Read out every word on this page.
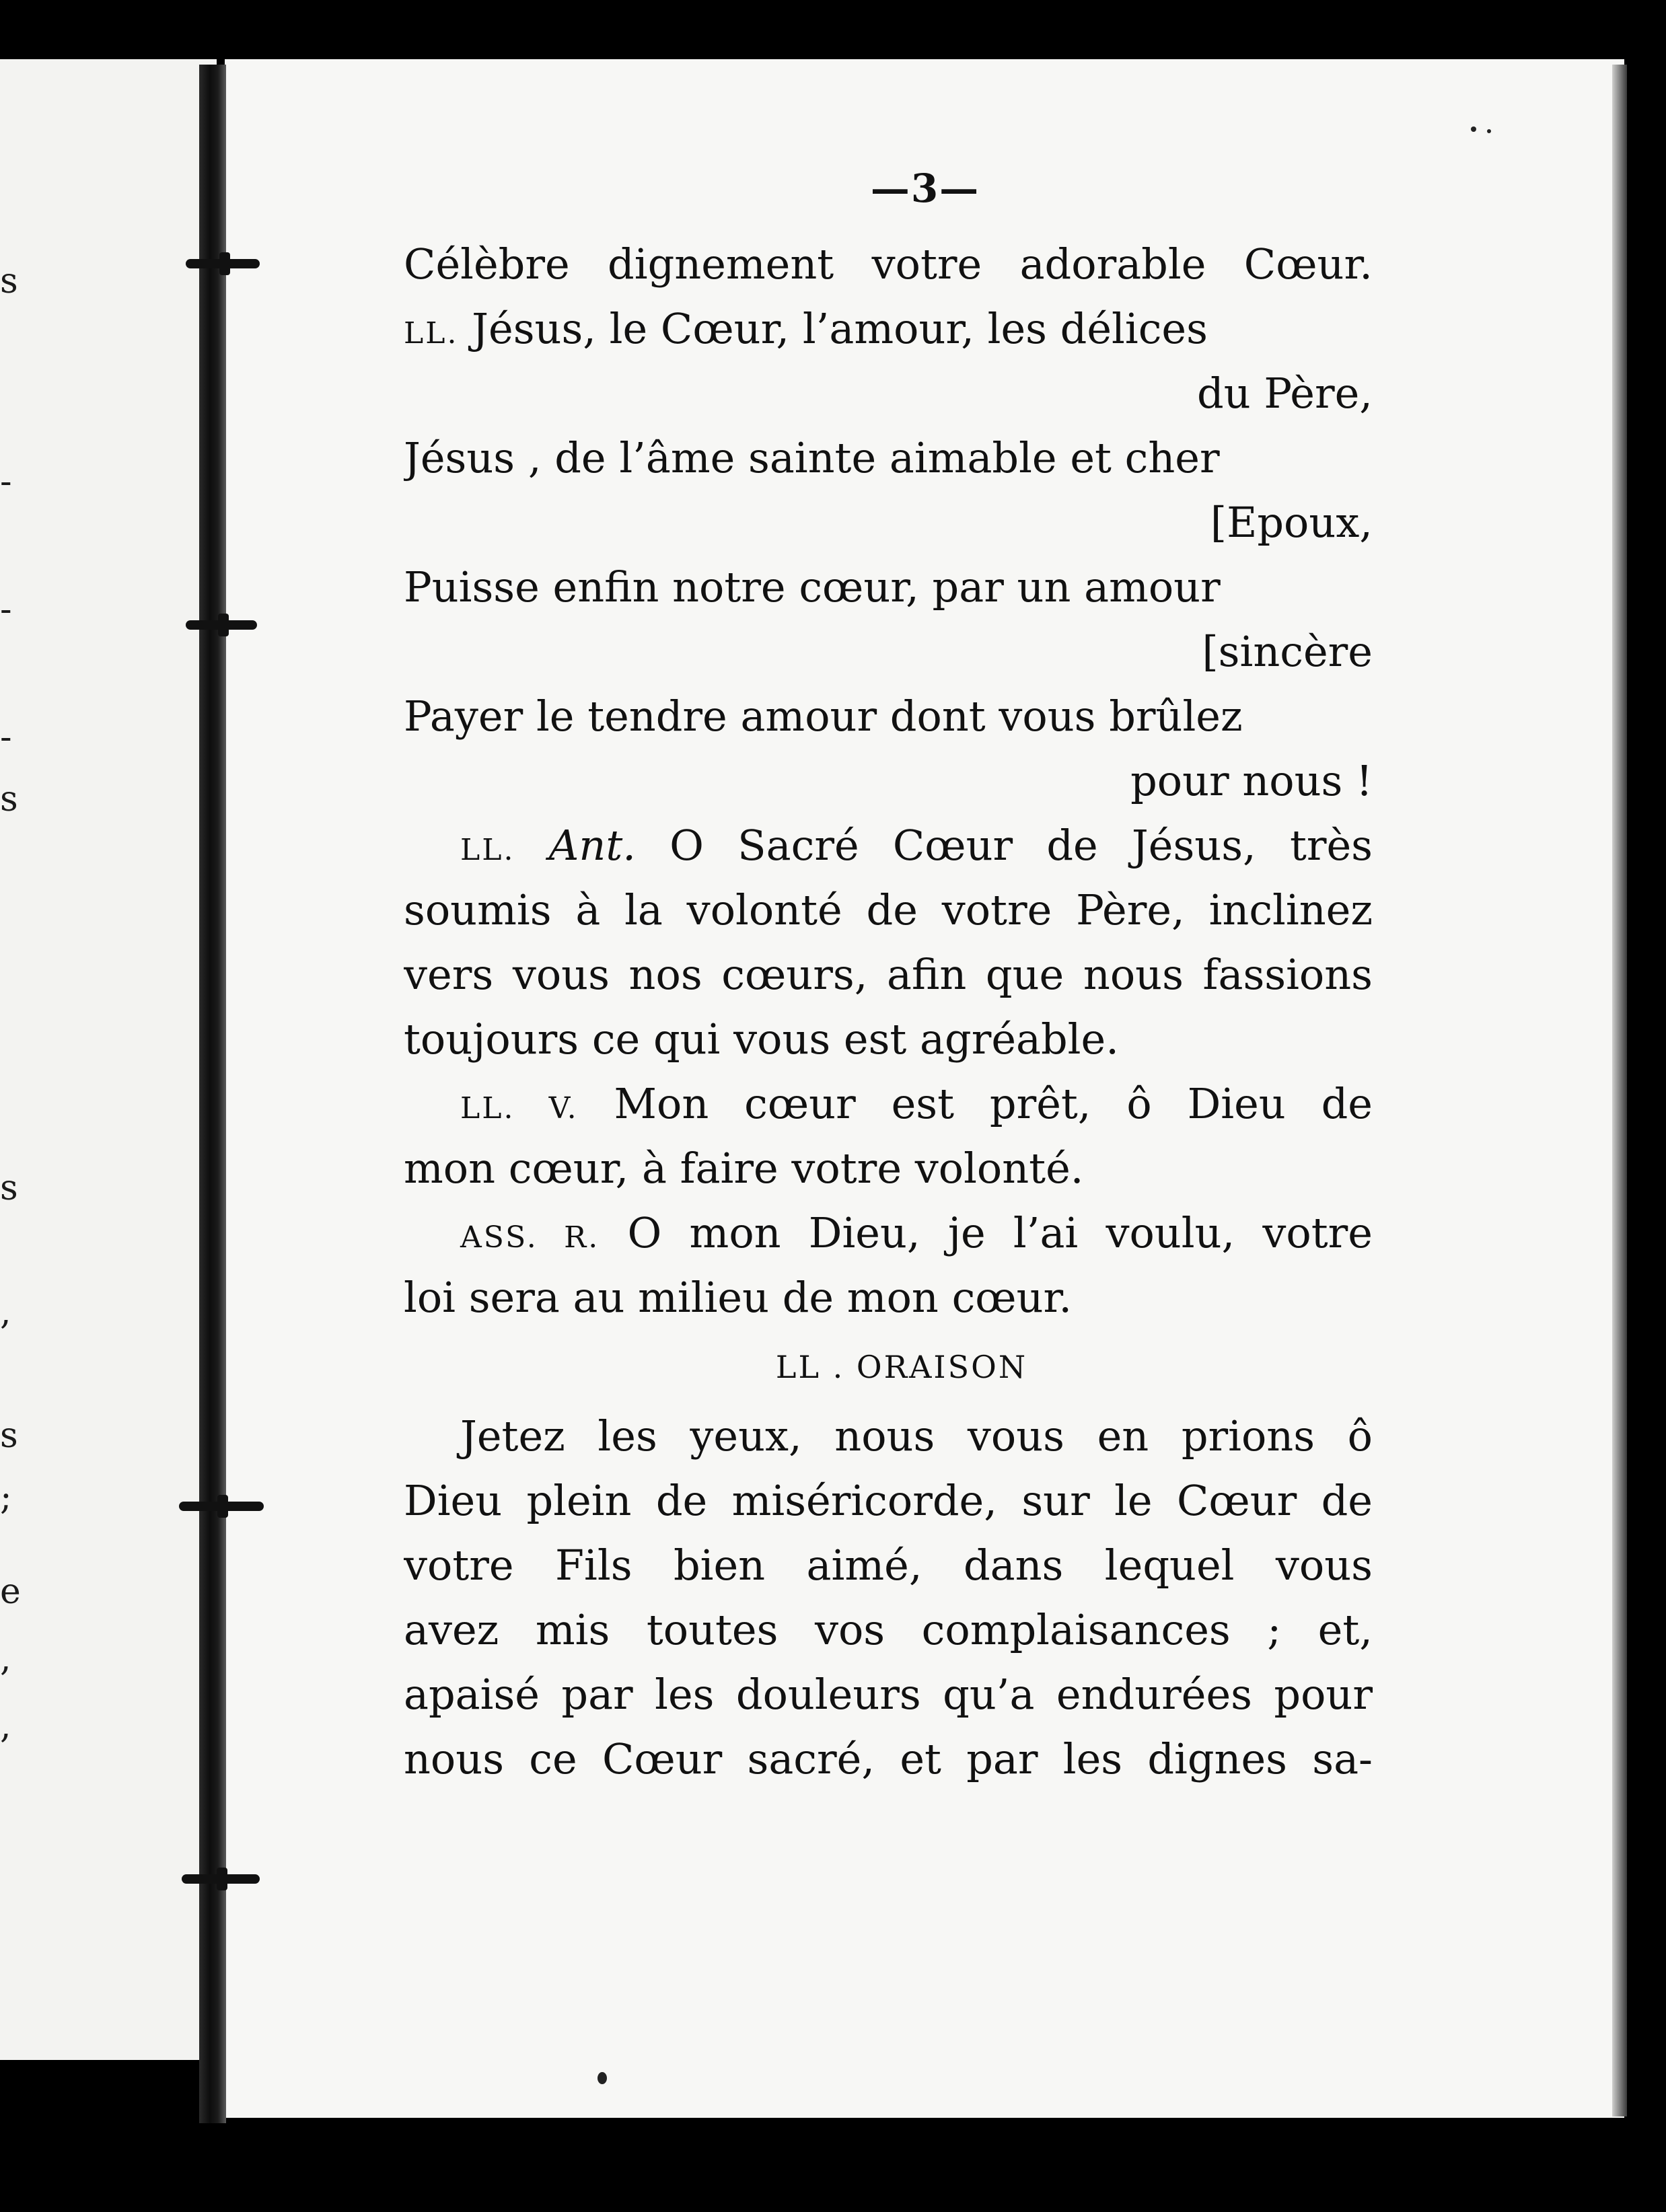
s
-
-
-
s
s
,
s
;
e
,
,
—3—
Célèbre dignement votre adorable Cœur.
LL. Jésus, le Cœur, l’amour, les délices
du Père,
Jésus , de l’âme sainte aimable et cher
[Epoux,
Puisse enfin notre cœur, par un amour
[sincère
Payer le tendre amour dont vous brûlez
pour nous !
LL. Ant. O Sacré Cœur de Jésus, très
soumis à la volonté de votre Père, inclinez
vers vous nos cœurs, afin que nous fassions
toujours ce qui vous est agréable.
LL. V. Mon cœur est prêt, ô Dieu de
mon cœur, à faire votre volonté.
ASS. R. O mon Dieu, je l’ai voulu, votre
loi sera au milieu de mon cœur.
LL . ORAISON
Jetez les yeux, nous vous en prions ô
Dieu plein de miséricorde, sur le Cœur de
votre Fils bien aimé, dans lequel vous
avez mis toutes vos complaisances ; et,
apaisé par les douleurs qu’a endurées pour
nous ce Cœur sacré, et par les dignes sa-
